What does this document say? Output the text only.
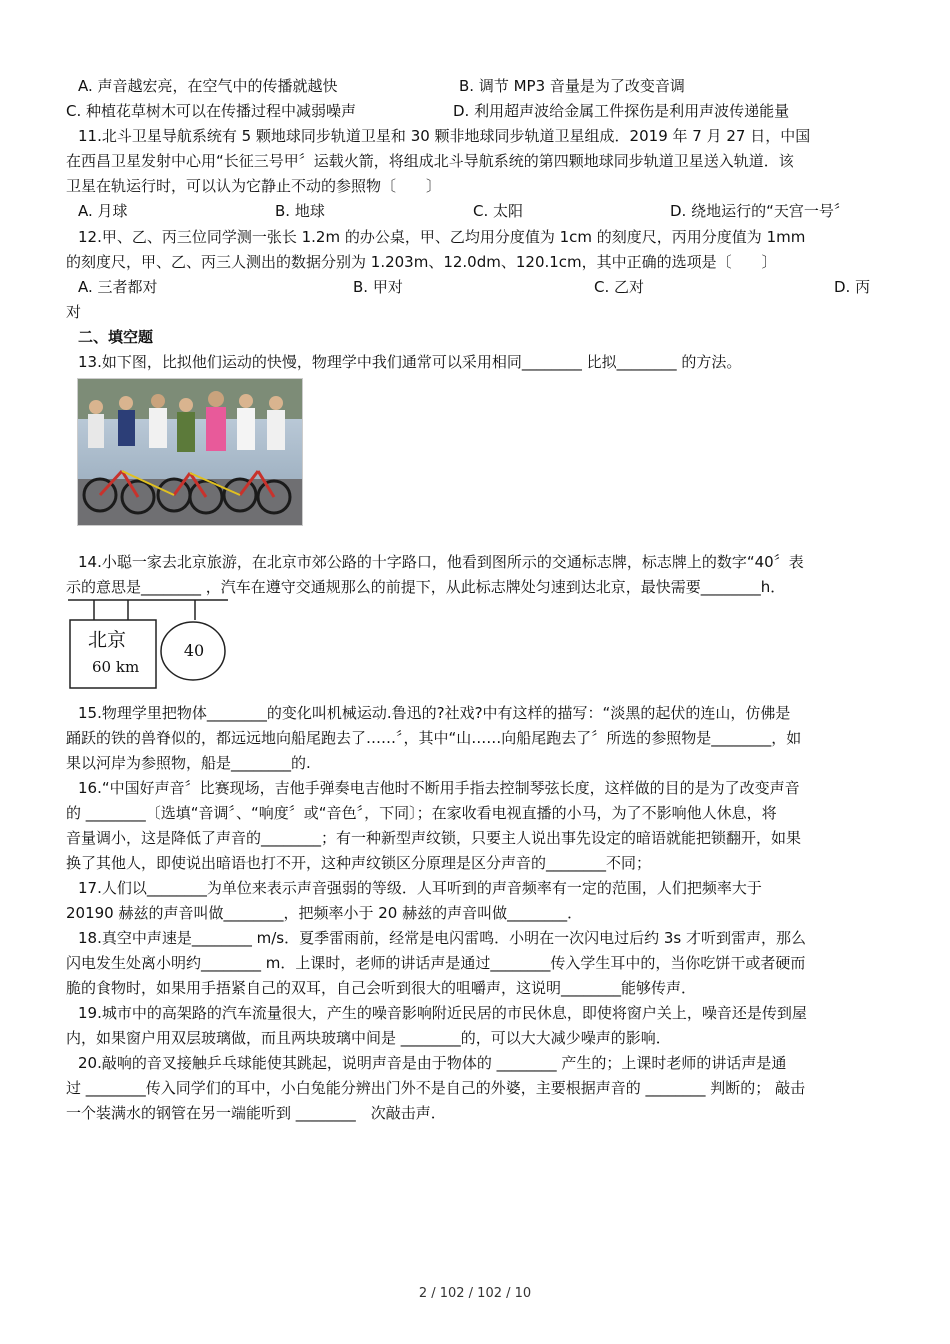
A. 声音越宏亮，在空气中的传播就越快	B. 调节 MP3 音量是为了改变音调
C. 种植花草树木可以在传播过程中减弱噪声	D. 利用超声波给金属工件探伤是利用声波传递能量
11.北斗卫星导航系统有 5 颗地球同步轨道卫星和 30 颗非地球同步轨道卫星组成．2019 年 7 月 27 日，中国
在西昌卫星发射中心用“长征三号甲〞运载火箭，将组成北斗导航系统的第四颗地球同步轨道卫星送入轨道．该
卫星在轨运行时，可以认为它静止不动的参照物〔　　〕
A. 月球	B. 地球	C. 太阳	D. 绕地运行的“天宫一号〞
12.甲、乙、丙三位同学测一张长 1.2m 的办公桌，甲、乙均用分度值为 1cm 的刻度尺，丙用分度值为 1mm
的刻度尺，甲、乙、丙三人测出的数据分别为 1.203m、12.0dm、120.1cm，其中正确的选项是〔　　〕
A. 三者都对	B. 甲对	C. 乙对	D. 丙
对
二、填空题
13.如下图，比拟他们运动的快慢，物理学中我们通常可以采用相同________ 比拟________ 的方法。
14.小聪一家去北京旅游，在北京市郊公路的十字路口，他看到图所示的交通标志牌，标志牌上的数字“40〞表
示的意思是________ ，汽车在遵守交通规那么的前提下，从此标志牌处匀速到达北京，最快需要________h．
北京
60 km
40
15.物理学里把物体________的变化叫机械运动.鲁迅的?社戏?中有这样的描写：“淡黑的起伏的连山，仿佛是
踊跃的铁的兽脊似的，都远远地向船尾跑去了……〞，其中“山……向船尾跑去了〞所选的参照物是________，如
果以河岸为参照物，船是________的.
16.“中国好声音〞比赛现场，吉他手弹奏电吉他时不断用手指去控制琴弦长度，这样做的目的是为了改变声音
的 ________〔选填“音调〞、“响度〞或“音色〞，下同〕；在家收看电视直播的小马，为了不影响他人休息，将
音量调小，这是降低了声音的________；有一种新型声纹锁，只要主人说出事先设定的暗语就能把锁翻开，如果
换了其他人，即使说出暗语也打不开，这种声纹锁区分原理是区分声音的________不同；
17.人们以________为单位来表示声音强弱的等级．人耳听到的声音频率有一定的范围，人们把频率大于
20190 赫兹的声音叫做________，把频率小于 20 赫兹的声音叫做________．
18.真空中声速是________ m/s．夏季雷雨前，经常是电闪雷鸣．小明在一次闪电过后约 3s 才听到雷声，那么
闪电发生处离小明约________ m．上课时，老师的讲话声是通过________传入学生耳中的，当你吃饼干或者硬而
脆的食物时，如果用手捂紧自己的双耳，自己会听到很大的咀嚼声，这说明________能够传声．
19.城市中的高架路的汽车流量很大，产生的噪音影响附近民居的市民休息，即使将窗户关上，噪音还是传到屋
内，如果窗户用双层玻璃做，而且两块玻璃中间是 ________的，可以大大减少噪声的影响．
20.敲响的音叉接触乒乓球能使其跳起，说明声音是由于物体的 ________ 产生的；上课时老师的讲话声是通
过 ________传入同学们的耳中，小白兔能分辨出门外不是自己的外婆，主要根据声音的 ________ 判断的； 敲击
一个装满水的钢管在另一端能听到 ________　次敲击声．
2 / 102 / 102 / 10
